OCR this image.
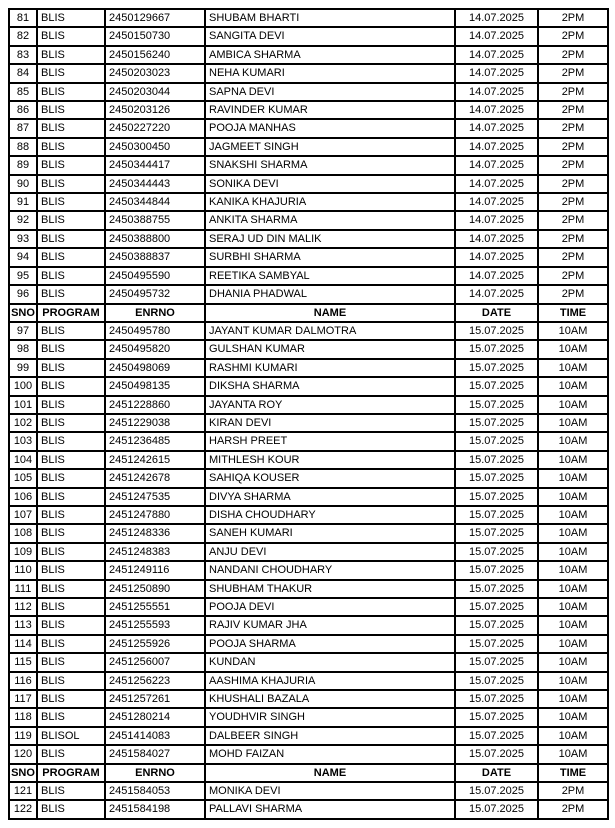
81	BLIS	2450129667	SHUBAM BHARTI	14.07.2025	2PM
82	BLIS	2450150730	SANGITA DEVI	14.07.2025	2PM
83	BLIS	2450156240	AMBICA SHARMA	14.07.2025	2PM
84	BLIS	2450203023	NEHA KUMARI	14.07.2025	2PM
85	BLIS	2450203044	SAPNA DEVI	14.07.2025	2PM
86	BLIS	2450203126	RAVINDER KUMAR	14.07.2025	2PM
87	BLIS	2450227220	POOJA MANHAS	14.07.2025	2PM
88	BLIS	2450300450	JAGMEET SINGH	14.07.2025	2PM
89	BLIS	2450344417	SNAKSHI SHARMA	14.07.2025	2PM
90	BLIS	2450344443	SONIKA DEVI	14.07.2025	2PM
91	BLIS	2450344844	KANIKA KHAJURIA	14.07.2025	2PM
92	BLIS	2450388755	ANKITA SHARMA	14.07.2025	2PM
93	BLIS	2450388800	SERAJ UD DIN MALIK	14.07.2025	2PM
94	BLIS	2450388837	SURBHI SHARMA	14.07.2025	2PM
95	BLIS	2450495590	REETIKA SAMBYAL	14.07.2025	2PM
96	BLIS	2450495732	DHANIA PHADWAL	14.07.2025	2PM
SNO	PROGRAM	ENRNO	NAME	DATE	TIME
97	BLIS	2450495780	JAYANT KUMAR DALMOTRA	15.07.2025	10AM
98	BLIS	2450495820	GULSHAN KUMAR	15.07.2025	10AM
99	BLIS	2450498069	RASHMI KUMARI	15.07.2025	10AM
100	BLIS	2450498135	DIKSHA SHARMA	15.07.2025	10AM
101	BLIS	2451228860	JAYANTA ROY	15.07.2025	10AM
102	BLIS	2451229038	KIRAN DEVI	15.07.2025	10AM
103	BLIS	2451236485	HARSH PREET	15.07.2025	10AM
104	BLIS	2451242615	MITHLESH KOUR	15.07.2025	10AM
105	BLIS	2451242678	SAHIQA KOUSER	15.07.2025	10AM
106	BLIS	2451247535	DIVYA SHARMA	15.07.2025	10AM
107	BLIS	2451247880	DISHA CHOUDHARY	15.07.2025	10AM
108	BLIS	2451248336	SANEH KUMARI	15.07.2025	10AM
109	BLIS	2451248383	ANJU DEVI	15.07.2025	10AM
110	BLIS	2451249116	NANDANI CHOUDHARY	15.07.2025	10AM
111	BLIS	2451250890	SHUBHAM THAKUR	15.07.2025	10AM
112	BLIS	2451255551	POOJA DEVI	15.07.2025	10AM
113	BLIS	2451255593	RAJIV KUMAR JHA	15.07.2025	10AM
114	BLIS	2451255926	POOJA SHARMA	15.07.2025	10AM
115	BLIS	2451256007	KUNDAN	15.07.2025	10AM
116	BLIS	2451256223	AASHIMA KHAJURIA	15.07.2025	10AM
117	BLIS	2451257261	KHUSHALI BAZALA	15.07.2025	10AM
118	BLIS	2451280214	YOUDHVIR SINGH	15.07.2025	10AM
119	BLISOL	2451414083	DALBEER SINGH	15.07.2025	10AM
120	BLIS	2451584027	MOHD FAIZAN	15.07.2025	10AM
SNO	PROGRAM	ENRNO	NAME	DATE	TIME
121	BLIS	2451584053	MONIKA DEVI	15.07.2025	2PM
122	BLIS	2451584198	PALLAVI SHARMA	15.07.2025	2PM
